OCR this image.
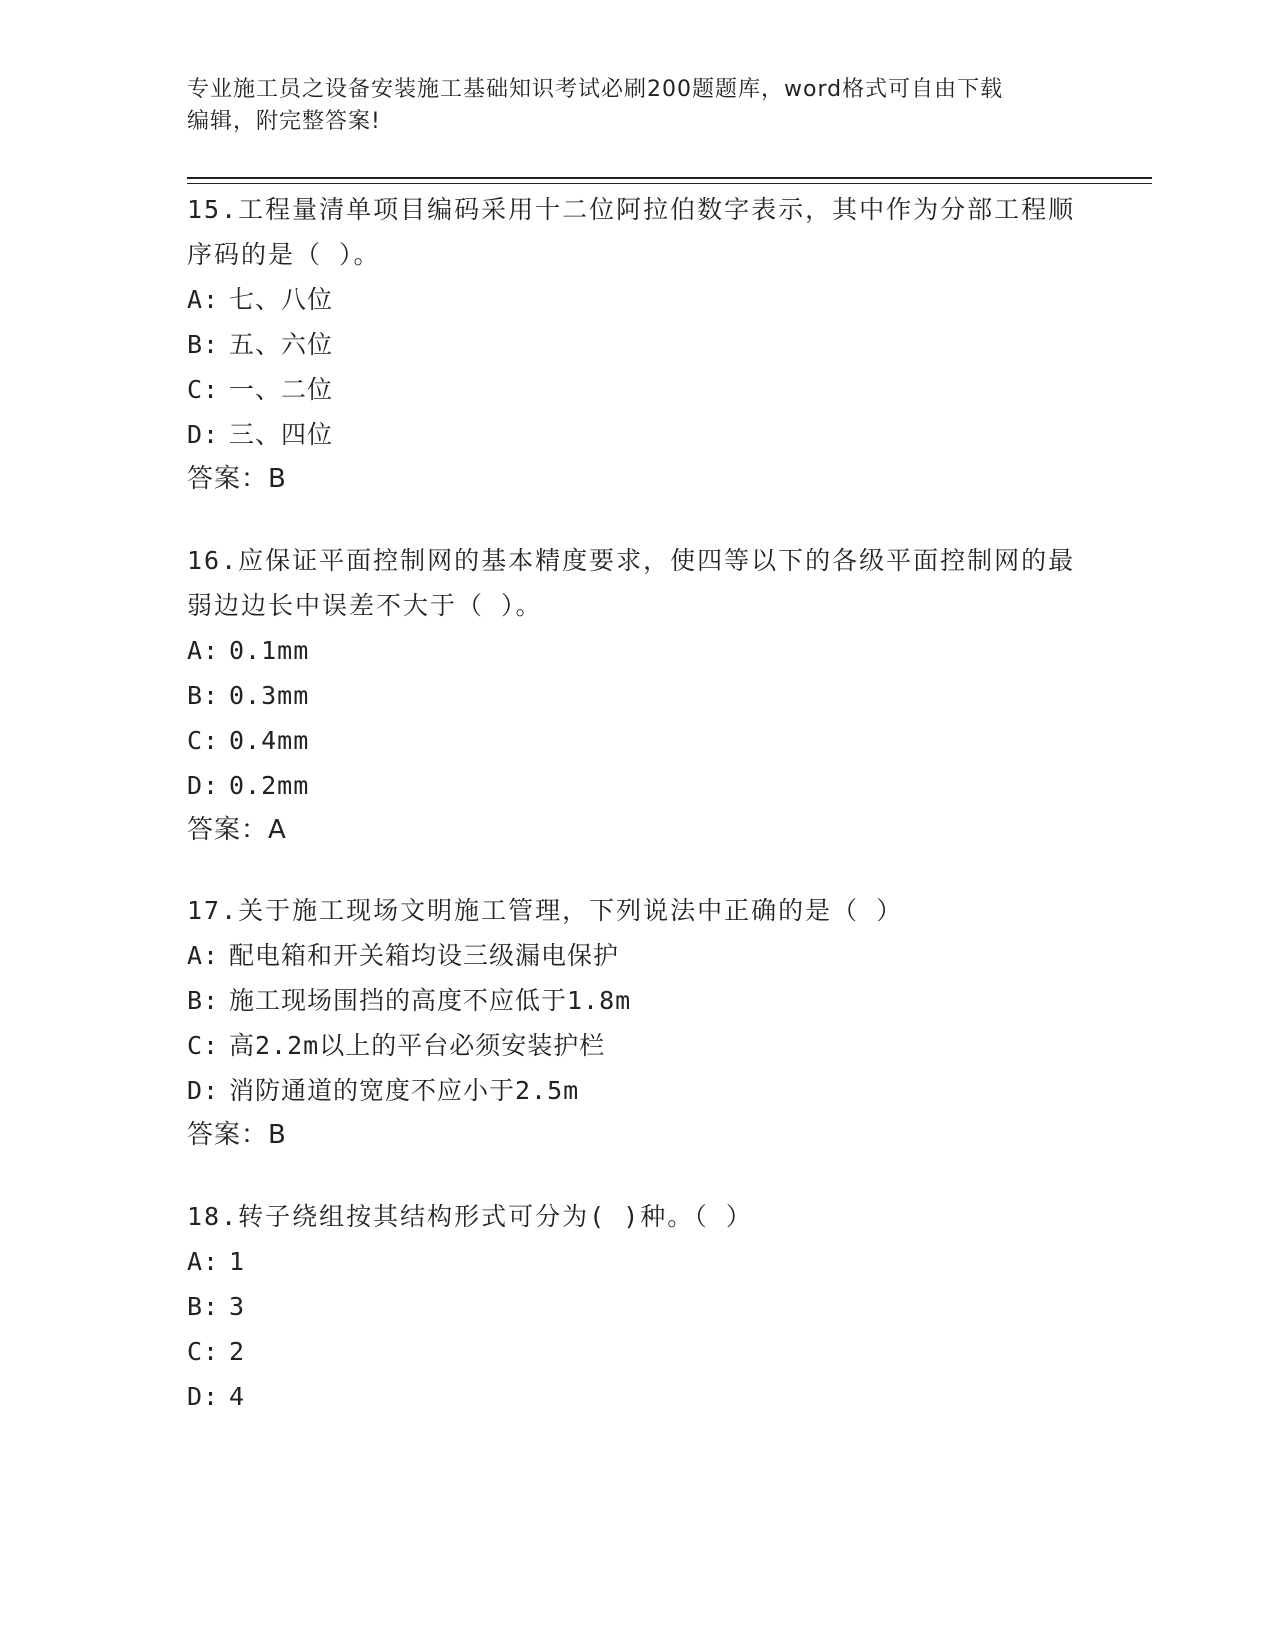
专业施工员之设备安装施工基础知识考试必刷200题题库，word格式可自由下载
编辑，附完整答案!

15.工程量清单项目编码采用十二位阿拉伯数字表示，其中作为分部工程顺序码的是（ ）。

A: 七、八位
B: 五、六位
C: 一、二位
D: 三、四位
答案：B

16.应保证平面控制网的基本精度要求，使四等以下的各级平面控制网的最弱边边长中误差不大于（ ）。

A: 0.1mm
B: 0.3mm
C: 0.4mm
D: 0.2mm
答案：A

17.关于施工现场文明施工管理，下列说法中正确的是（ ）

A: 配电箱和开关箱均设三级漏电保护
B: 施工现场围挡的高度不应低于1.8m
C: 高2.2m以上的平台必须安装护栏
D: 消防通道的宽度不应小于2.5m
答案：B

18.转子绕组按其结构形式可分为( )种。（ ）

A: 1
B: 3
C: 2
D: 4
